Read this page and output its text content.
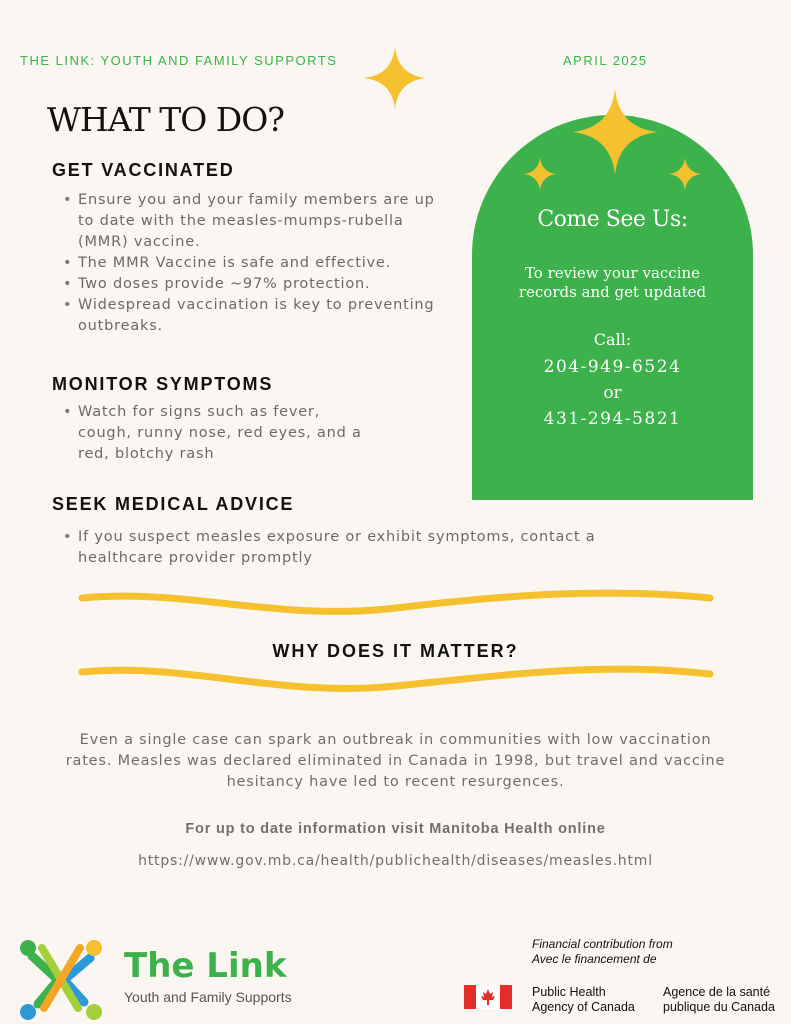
THE LINK: YOUTH AND FAMILY SUPPORTS	APRIL 2025
WHAT TO DO?
GET VACCINATED
• Ensure you and your family members are up to date with the measles-mumps-rubella (MMR) vaccine.
• The MMR Vaccine is safe and effective.
• Two doses provide ~97% protection.
• Widespread vaccination is key to preventing outbreaks.
MONITOR SYMPTOMS
• Watch for signs such as fever, cough, runny nose, red eyes, and a red, blotchy rash
SEEK MEDICAL ADVICE
• If you suspect measles exposure or exhibit symptoms, contact a healthcare provider promptly
Come See Us:
To review your vaccine
records and get updated
Call:
204-949-6524
or
431-294-5821
WHY DOES IT MATTER?
Even a single case can spark an outbreak in communities with low vaccination rates. Measles was declared eliminated in Canada in 1998, but travel and vaccine hesitancy have led to recent resurgences.
For up to date information visit Manitoba Health online
https://www.gov.mb.ca/health/publichealth/diseases/measles.html
The Link
Youth and Family Supports
Financial contribution from
Avec le financement de
Public Health
Agency of Canada
Agence de la santé
publique du Canada
